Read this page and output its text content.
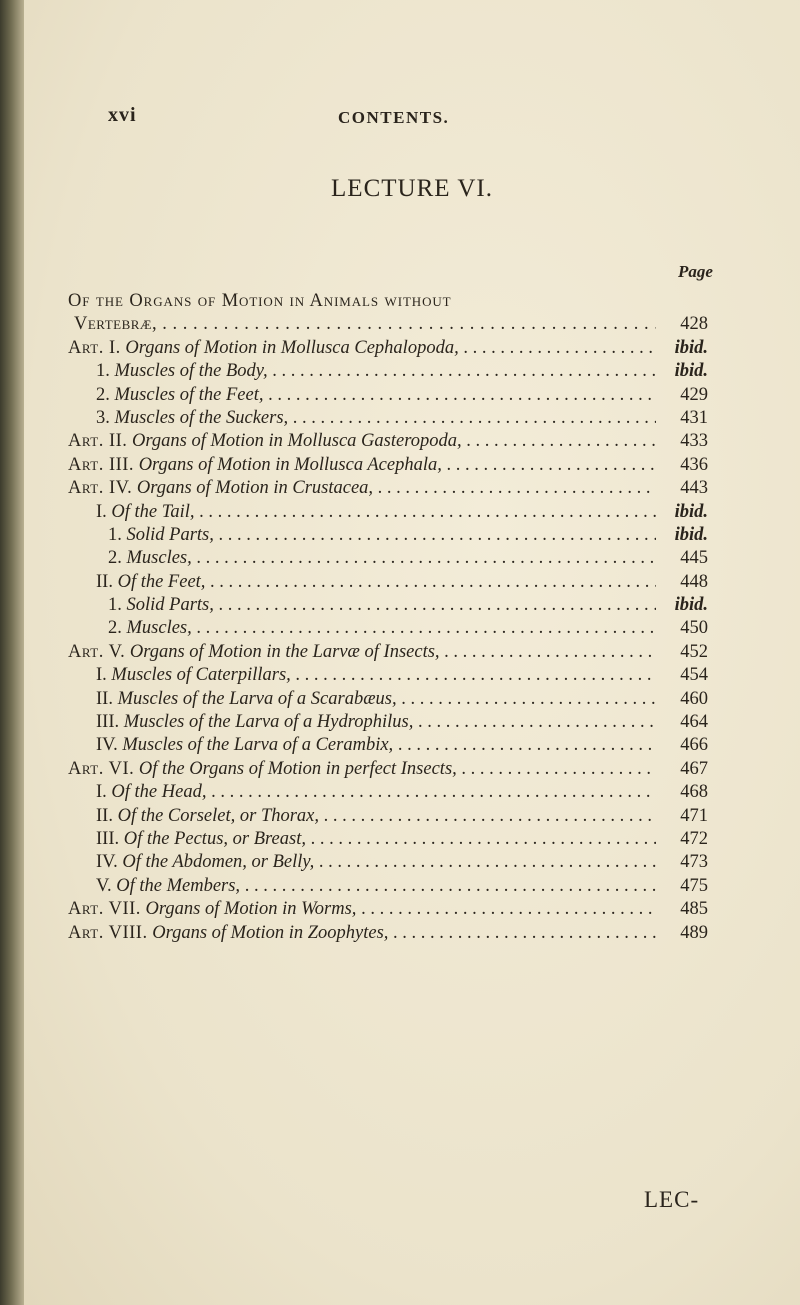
xvi	CONTENTS.
LECTURE VI.
Page
Of the Organs of Motion in Animals without
Vertebræ, . . .	428
Art. I. Organs of Motion in Mollusca Cephalopoda, . . .	ibid.
1. Muscles of the Body, . . .	ibid.
2. Muscles of the Feet, . . .	429
3. Muscles of the Suckers, . . .	431
Art. II. Organs of Motion in Mollusca Gasteropoda, . . .	433
Art. III. Organs of Motion in Mollusca Acephala, . . .	436
Art. IV. Organs of Motion in Crustacea, . . .	443
I. Of the Tail, . . .	ibid.
1. Solid Parts, . . .	ibid.
2. Muscles, . . .	445
II. Of the Feet, . . .	448
1. Solid Parts, . . .	ibid.
2. Muscles, . . .	450
Art. V. Organs of Motion in the Larvæ of Insects, . . .	452
I. Muscles of Caterpillars, . . .	454
II. Muscles of the Larva of a Scarabæus, . . .	460
III. Muscles of the Larva of a Hydrophilus, . . .	464
IV. Muscles of the Larva of a Cerambix, . . .	466
Art. VI. Of the Organs of Motion in perfect Insects, . . .	467
I. Of the Head, . . .	468
II. Of the Corselet, or Thorax, . . .	471
III. Of the Pectus, or Breast, . . .	472
IV. Of the Abdomen, or Belly, . . .	473
V. Of the Members, . . .	475
Art. VII. Organs of Motion in Worms, . . .	485
Art. VIII. Organs of Motion in Zoophytes, . . .	489
LEC-
